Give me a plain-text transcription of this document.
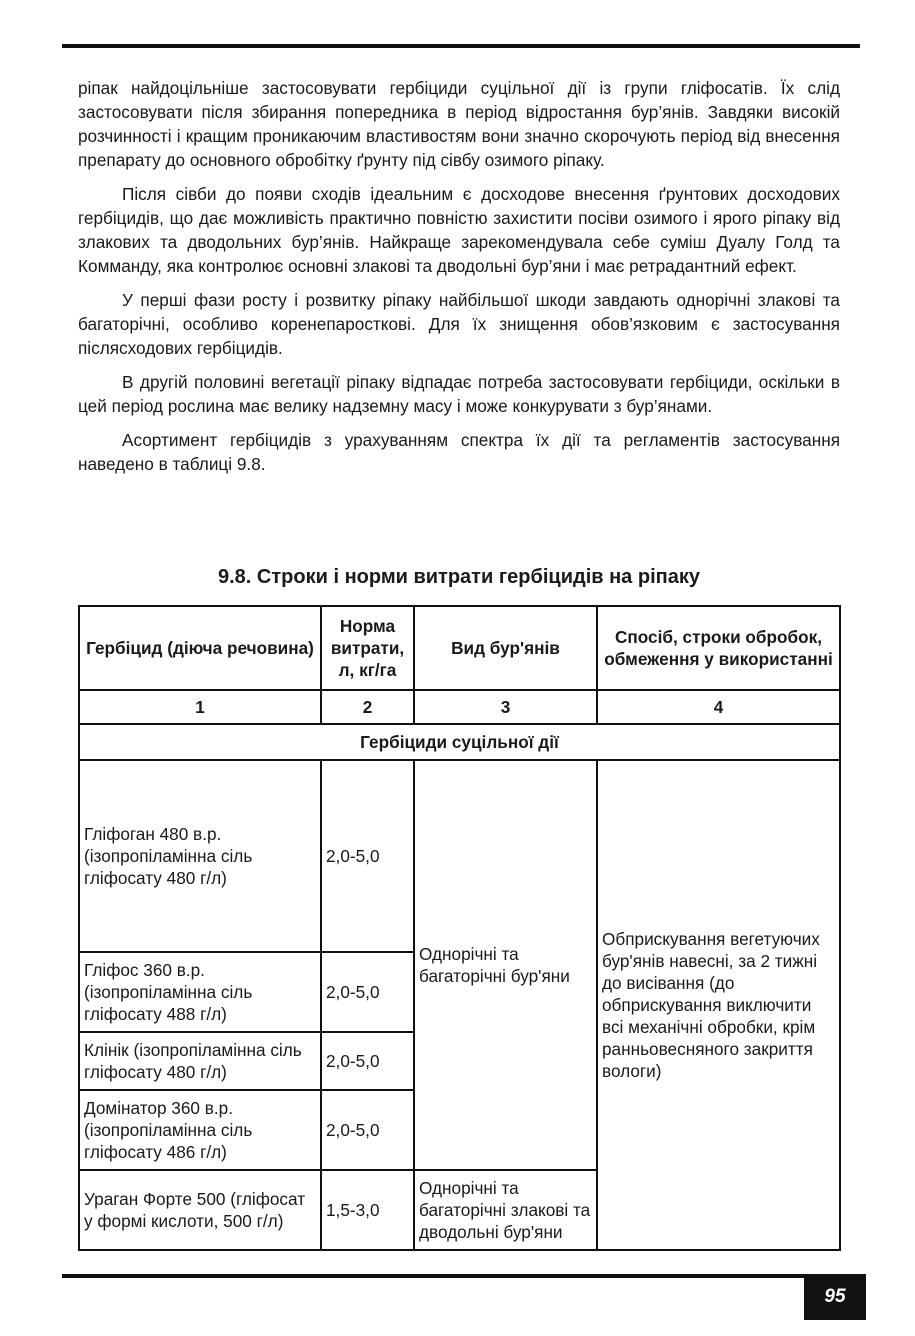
ріпак найдоцільніше застосовувати гербіциди суцільної дії із групи гліфосатів. Їх слід застосовувати після збирання попередника в період відростання бур’янів. Завдяки високій розчинності і кращим проникаючим властивостям вони значно скорочують період від внесення препарату до основного обробітку ґрунту під сівбу озимого ріпаку.

Після сівби до появи сходів ідеальним є досходове внесення ґрунтових досходових гербіцидів, що дає можливість практично повністю захистити посіви озимого і ярого ріпаку від злакових та дводольних бур’янів. Найкраще зарекомендувала себе суміш Дуалу Голд та Комманду, яка контролює основні злакові та дводольні бур’яни і має ретрадантний ефект.

У перші фази росту і розвитку ріпаку найбільшої шкоди завдають однорічні злакові та багаторічні, особливо коренепаросткові. Для їх знищення обов’язковим є застосування післясходових гербіцидів.

В другій половині вегетації ріпаку відпадає потреба застосовувати гербіциди, оскільки в цей період рослина має велику надземну масу і може конкурувати з бур’янами.

Асортимент гербіцидів з урахуванням спектра їх дії та регламентів застосування наведено в таблиці 9.8.

9.8. Строки і норми витрати гербіцидів на ріпаку
Гербіцид (діюча речовина)	Норма витрати, л, кг/га	Вид бур'янів	Спосіб, строки обробок, обмеження у використанні
1	2	3	4
Гербіциди суцільної дії			
Гліфоган 480 в.р. (ізопропіламінна сіль гліфосату 480 г/л)	2,0-5,0	Однорічні та багаторічні бур'яни	Обприскування вегетуючих бур'янів навесні, за 2 тижні до висівання (до обприскування виключити всі механічні обробки, крім ранньовесняного закриття вологи)
Гліфос 360 в.р. (ізопропіламінна сіль гліфосату 488 г/л)	2,0-5,0		
Клінік (ізопропіламінна сіль гліфосату 480 г/л)	2,0-5,0		
Домінатор 360 в.р. (ізопропіламінна сіль гліфосату 486 г/л)	2,0-5,0		
Ураган Форте 500 (гліфосат у формі кислоти, 500 г/л)	1,5-3,0	Однорічні та багаторічні злакові та дводольні бур'яни	
95
